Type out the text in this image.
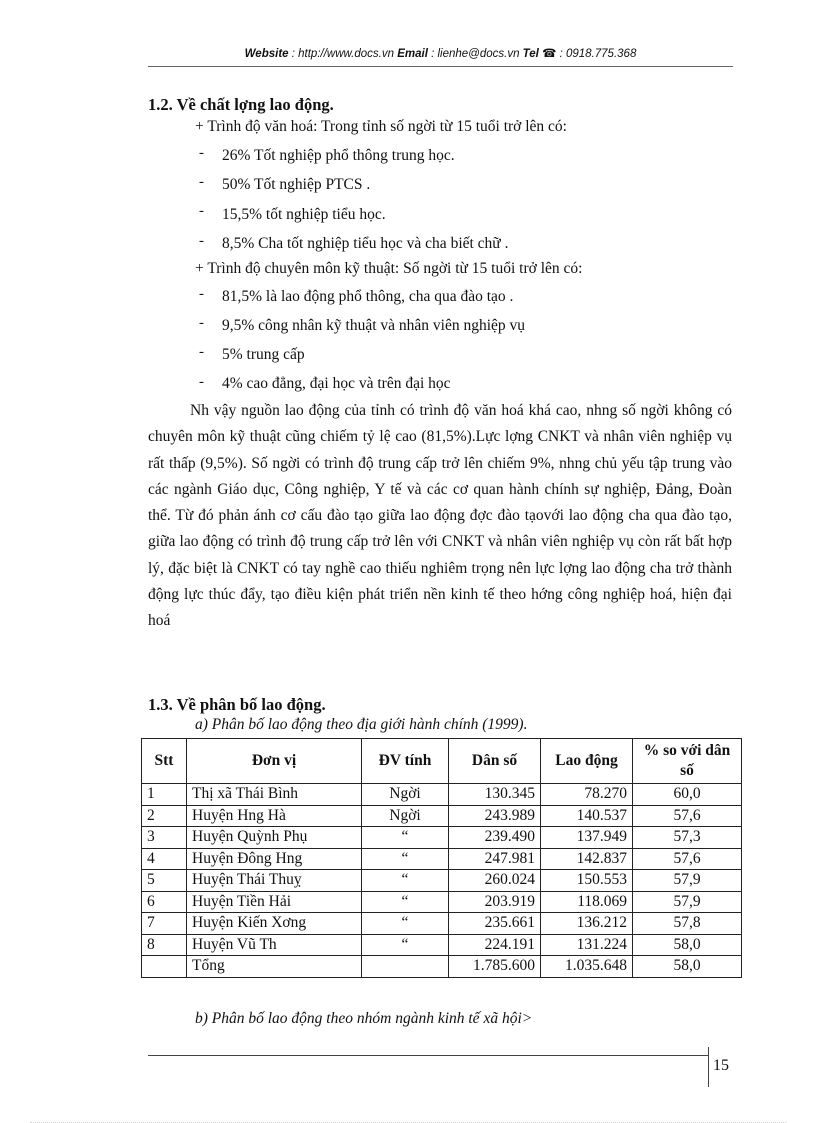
Website : http://www.docs.vn Email : lienhe@docs.vn Tel ☎ : 0918.775.368
1.2. Về chất lợng lao động.
+ Trình độ văn hoá: Trong tỉnh số ngời từ 15 tuổi trở lên có:
- 26% Tốt nghiệp phổ thông trung học.
- 50% Tốt nghiệp PTCS .
- 15,5% tốt nghiệp tiểu học.
- 8,5% Cha tốt nghiệp tiểu học và cha biết chữ .
+ Trình độ chuyên môn kỹ thuật: Số ngời từ 15 tuổi trở lên có:
- 81,5% là lao động phổ thông, cha qua đào tạo .
- 9,5% công nhân kỹ thuật và nhân viên nghiệp vụ
- 5% trung cấp
- 4% cao đẳng, đại học và trên đại học
Nh vậy nguồn lao động của tỉnh có trình độ văn hoá khá cao, nhng số ngời không có chuyên môn kỹ thuật cũng chiếm tỷ lệ cao (81,5%).Lực lợng CNKT và nhân viên nghiệp vụ rất thấp (9,5%). Số ngời có trình độ trung cấp trở lên chiếm 9%, nhng chủ yếu tập trung vào các ngành Giáo dục, Công nghiệp, Y tế và các cơ quan hành chính sự nghiệp, Đảng, Đoàn thể. Từ đó phản ánh cơ cấu đào tạo giữa lao động đợc đào tạovới lao động cha qua đào tạo, giữa lao động có trình độ trung cấp trở lên với CNKT và nhân viên nghiệp vụ còn rất bất hợp lý, đặc biệt là CNKT có tay nghề cao thiếu nghiêm trọng nên lực lợng lao động cha trở thành động lực thúc đẩy, tạo điều kiện phát triển nền kinh tế theo hớng công nghiệp hoá, hiện đại hoá
1.3. Về phân bố lao động.
a) Phân bố lao động theo địa giới hành chính (1999).
Stt	Đơn vị	ĐV tính	Dân số	Lao động	% so với dân số
1	Thị xã Thái Bình	Ngời	130.345	78.270	60,0
2	Huyện Hng Hà	Ngời	243.989	140.537	57,6
3	Huyện Quỳnh Phụ	“	239.490	137.949	57,3
4	Huyện Đông Hng	“	247.981	142.837	57,6
5	Huyện Thái Thuỵ	“	260.024	150.553	57,9
6	Huyện Tiền Hải	“	203.919	118.069	57,9
7	Huyện Kiến Xơng	“	235.661	136.212	57,8
8	Huyện Vũ Th	“	224.191	131.224	58,0
	Tổng		1.785.600	1.035.648	58,0
b) Phân bố lao động theo nhóm ngành kinh tế xã hội>
15
